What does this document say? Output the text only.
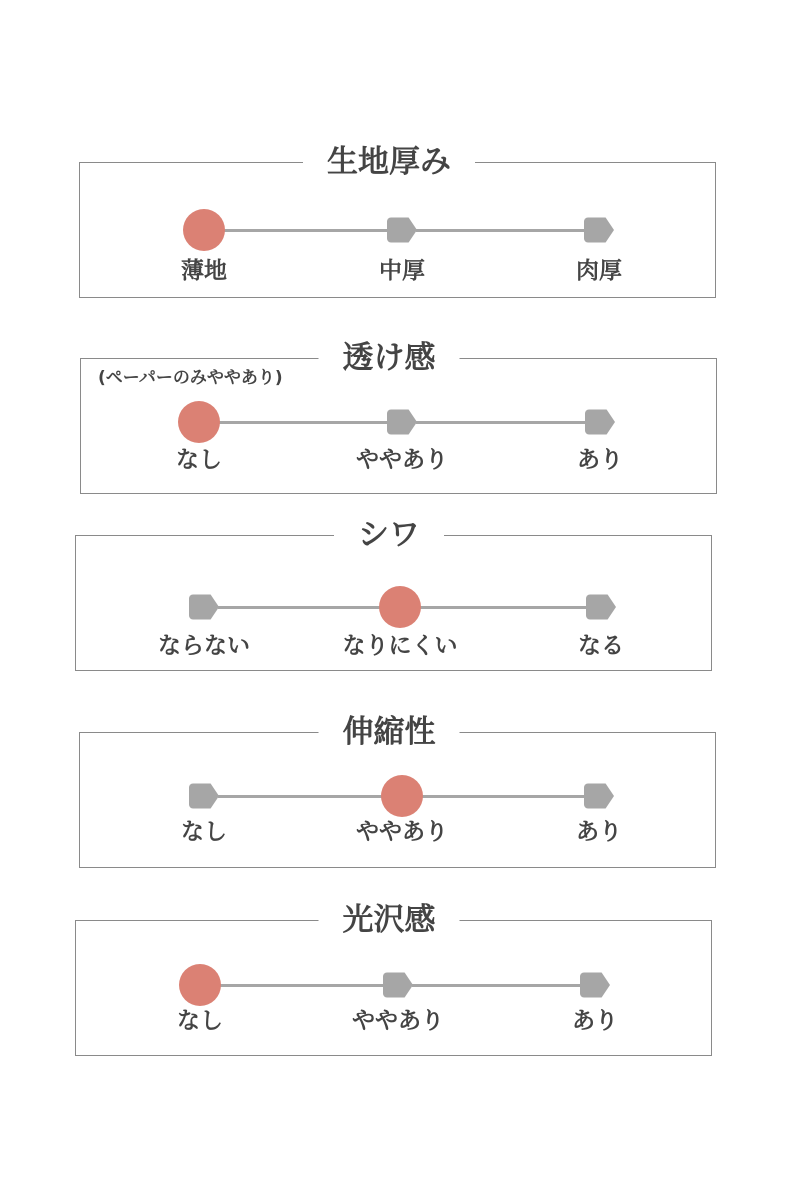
生地厚み
薄地	中厚	肉厚
透け感
なし	ややあり	あり
(ペーパーのみややあり)
シワ
ならない	なりにくい	なる
伸縮性
なし	ややあり	あり
光沢感
なし	ややあり	あり
